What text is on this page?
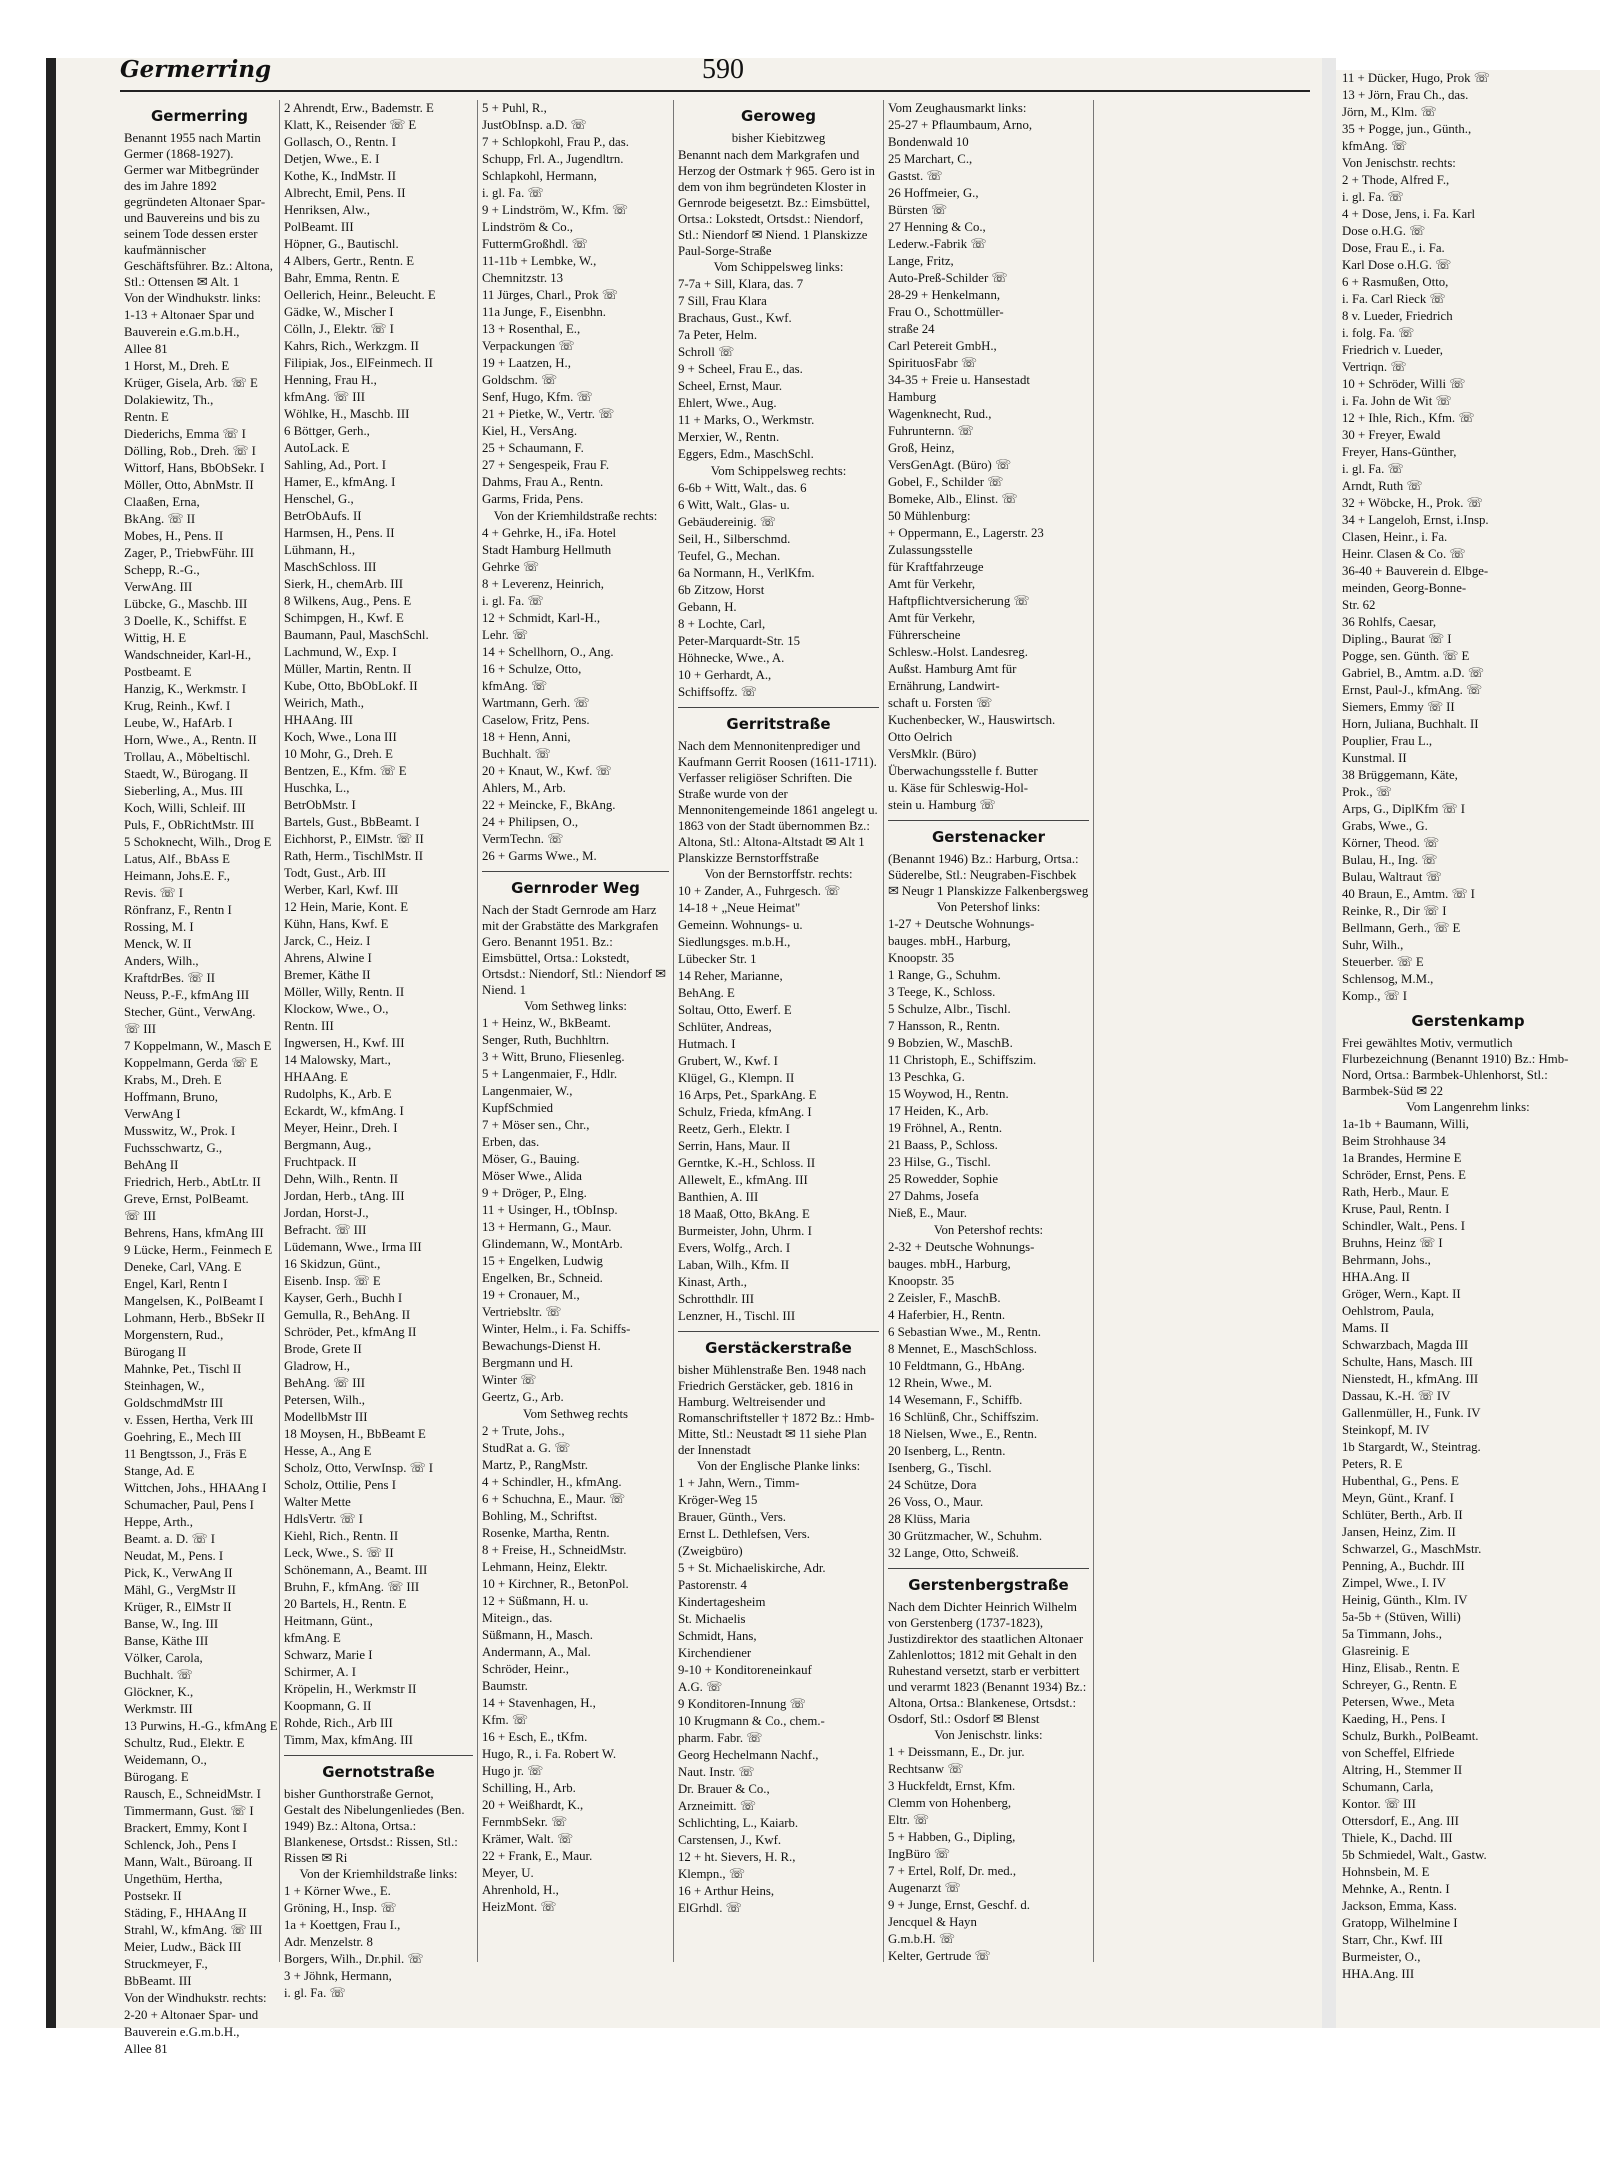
11 + Dücker, Hugo, Prok ☏
13 + Jörn, Frau Ch., das.
Jörn, M., Klm. ☏
35 + Pogge, jun., Günth.,
kfmAng. ☏
Von Jenischstr. rechts:
2 + Thode, Alfred F.,
i. gl. Fa. ☏
4 + Dose, Jens, i. Fa. Karl
Dose o.H.G. ☏
Dose, Frau E., i. Fa.
Karl Dose o.H.G. ☏
6 + Rasmußen, Otto,
i. Fa. Carl Rieck ☏
8 v. Lueder, Friedrich
i. folg. Fa. ☏
Friedrich v. Lueder,
Vertriqn. ☏
10 + Schröder, Willi ☏
i. Fa. John de Wit ☏
12 + Ihle, Rich., Kfm. ☏
30 + Freyer, Ewald
Freyer, Hans-Günther,
i. gl. Fa. ☏
Arndt, Ruth ☏
32 + Wöbcke, H., Prok. ☏
34 + Langeloh, Ernst, i.Insp.
Clasen, Heinr., i. Fa.
Heinr. Clasen & Co. ☏
36-40 + Bauverein d. Elbge-
meinden, Georg-Bonne-
Str. 62
36 Rohlfs, Caesar,
Dipling., Baurat ☏ I
Pogge, sen. Günth. ☏ E
Gabriel, B., Amtm. a.D. ☏
Ernst, Paul-J., kfmAng. ☏
Siemers, Emmy ☏ II
Horn, Juliana, Buchhalt. II
Pouplier, Frau L.,
Kunstmal. II
38 Brüggemann, Käte,
Prok., ☏
Arps, G., DiplKfm ☏ I
Grabs, Wwe., G.
Körner, Theod. ☏
Bulau, H., Ing. ☏
Bulau, Waltraut ☏
40 Braun, E., Amtm. ☏ I
Reinke, R., Dir ☏ I
Bellmann, Gerh., ☏ E
Suhr, Wilh.,
Steuerber. ☏ E
Schlensog, M.M.,
Komp., ☏ I
Gerstenkamp
Frei gewähltes Motiv, vermutlich Flurbezeichnung (Benannt 1910) Bz.: Hmb-Nord, Ortsa.: Barmbek-Uhlenhorst, Stl.: Barmbek-Süd ✉ 22
Vom Langenrehm links:
1a-1b + Baumann, Willi,
Beim Strohhause 34
1a Brandes, Hermine E
Schröder, Ernst, Pens. E
Rath, Herb., Maur. E
Kruse, Paul, Rentn. I
Schindler, Walt., Pens. I
Bruhns, Heinz ☏ I
Behrmann, Johs.,
HHA.Ang. II
Gröger, Wern., Kapt. II
Oehlstrom, Paula,
Mams. II
Schwarzbach, Magda III
Schulte, Hans, Masch. III
Nienstedt, H., kfmAng. III
Dassau, K.-H. ☏ IV
Gallenmüller, H., Funk. IV
Steinkopf, M. IV
1b Stargardt, W., Steintrag.
Peters, R. E
Hubenthal, G., Pens. E
Meyn, Günt., Kranf. I
Schlüter, Berth., Arb. II
Jansen, Heinz, Zim. II
Schwarzel, G., MaschMstr.
Penning, A., Buchdr. III
Zimpel, Wwe., I. IV
Heinig, Günth., Klm. IV
5a-5b + (Stüven, Willi)
5a Timmann, Johs.,
Glasreinig. E
Hinz, Elisab., Rentn. E
Schreyer, G., Rentn. E
Petersen, Wwe., Meta
Kaeding, H., Pens. I
Schulz, Burkh., PolBeamt.
von Scheffel, Elfriede
Altring, H., Stemmer II
Schumann, Carla,
Kontor. ☏ III
Ottersdorf, E., Ang. III
Thiele, K., Dachd. III
5b Schmiedel, Walt., Gastw.
Hohnsbein, M. E
Mehnke, A., Rentn. I
Jackson, Emma, Kass.
Gratopp, Wilhelmine I
Starr, Chr., Kwf. III
Burmeister, O.,
HHA.Ang. III
Germerring	590
Germerring
Benannt 1955 nach Martin Germer (1868-1927). Germer war Mitbegründer des im Jahre 1892 gegründeten Altonaer Spar- und Bauvereins und bis zu seinem Tode dessen erster kaufmännischer Geschäftsführer. Bz.: Altona, Stl.: Ottensen ✉ Alt. 1
Von der Windhukstr. links:
1-13 + Altonaer Spar und
Bauverein e.G.m.b.H.,
Allee 81
1 Horst, M., Dreh. E
Krüger, Gisela, Arb. ☏ E
Dolakiewitz, Th.,
Rentn. E
Diederichs, Emma ☏ I
Dölling, Rob., Dreh. ☏ I
Wittorf, Hans, BbObSekr. I
Möller, Otto, AbnMstr. II
Claaßen, Erna,
BkAng. ☏ II
Mobes, H., Pens. II
Zager, P., TriebwFühr. III
Schepp, R.-G.,
VerwAng. III
Lübcke, G., Maschb. III
3 Doelle, K., Schiffst. E
Wittig, H. E
Wandschneider, Karl-H.,
Postbeamt. E
Hanzig, K., Werkmstr. I
Krug, Reinh., Kwf. I
Leube, W., HafArb. I
Horn, Wwe., A., Rentn. II
Trollau, A., Möbeltischl.
Staedt, W., Bürogang. II
Sieberling, A., Mus. III
Koch, Willi, Schleif. III
Puls, F., ObRichtMstr. III
5 Schoknecht, Wilh., Drog E
Latus, Alf., BbAss E
Heimann, Johs.E. F.,
Revis. ☏ I
Rönfranz, F., Rentn I
Rossing, M. I
Menck, W. II
Anders, Wilh.,
KraftdrBes. ☏ II
Neuss, P.-F., kfmAng III
Stecher, Günt., VerwAng.
☏ III
7 Koppelmann, W., Masch E
Koppelmann, Gerda ☏ E
Krabs, M., Dreh. E
Hoffmann, Bruno,
VerwAng I
Musswitz, W., Prok. I
Fuchsschwartz, G.,
BehAng II
Friedrich, Herb., AbtLtr. II
Greve, Ernst, PolBeamt.
☏ III
Behrens, Hans, kfmAng III
9 Lücke, Herm., Feinmech E
Deneke, Carl, VAng. E
Engel, Karl, Rentn I
Mangelsen, K., PolBeamt I
Lohmann, Herb., BbSekr II
Morgenstern, Rud.,
Bürogang II
Mahnke, Pet., Tischl II
Steinhagen, W.,
GoldschmdMstr III
v. Essen, Hertha, Verk III
Goehring, E., Mech III
11 Bengtsson, J., Fräs E
Stange, Ad. E
Wittchen, Johs., HHAAng I
Schumacher, Paul, Pens I
Heppe, Arth.,
Beamt. a. D. ☏ I
Neudat, M., Pens. I
Pick, K., VerwAng II
Mähl, G., VergMstr II
Krüger, R., ElMstr II
Banse, W., Ing. III
Banse, Käthe III
Völker, Carola,
Buchhalt. ☏
Glöckner, K.,
Werkmstr. III
13 Purwins, H.-G., kfmAng E
Schultz, Rud., Elektr. E
Weidemann, O.,
Bürogang. E
Rausch, E., SchneidMstr. I
Timmermann, Gust. ☏ I
Brackert, Emmy, Kont I
Schlenck, Joh., Pens I
Mann, Walt., Büroang. II
Ungethüm, Hertha,
Postsekr. II
Städing, F., HHAAng II
Strahl, W., kfmAng. ☏ III
Meier, Ludw., Bäck III
Struckmeyer, F.,
BbBeamt. III
Von der Windhukstr. rechts:
2-20 + Altonaer Spar- und
Bauverein e.G.m.b.H.,
Allee 81
2 Ahrendt, Erw., Bademstr. E
Klatt, K., Reisender ☏ E
Gollasch, O., Rentn. I
Detjen, Wwe., E. I
Kothe, K., IndMstr. II
Albrecht, Emil, Pens. II
Henriksen, Alw.,
PolBeamt. III
Höpner, G., Bautischl.
4 Albers, Gertr., Rentn. E
Bahr, Emma, Rentn. E
Oellerich, Heinr., Beleucht. E
Gädke, W., Mischer I
Cölln, J., Elektr. ☏ I
Kahrs, Rich., Werkzgm. II
Filipiak, Jos., ElFeinmech. II
Henning, Frau H.,
kfmAng. ☏ III
Wöhlke, H., Maschb. III
6 Böttger, Gerh.,
AutoLack. E
Sahling, Ad., Port. I
Hamer, E., kfmAng. I
Henschel, G.,
BetrObAufs. II
Harmsen, H., Pens. II
Lühmann, H.,
MaschSchloss. III
Sierk, H., chemArb. III
8 Wilkens, Aug., Pens. E
Schimpgen, H., Kwf. E
Baumann, Paul, MaschSchl.
Lachmund, W., Exp. I
Müller, Martin, Rentn. II
Kube, Otto, BbObLokf. II
Weirich, Math.,
HHAAng. III
Koch, Wwe., Lona III
10 Mohr, G., Dreh. E
Bentzen, E., Kfm. ☏ E
Huschka, L.,
BetrObMstr. I
Bartels, Gust., BbBeamt. I
Eichhorst, P., ElMstr. ☏ II
Rath, Herm., TischlMstr. II
Todt, Gust., Arb. III
Werber, Karl, Kwf. III
12 Hein, Marie, Kont. E
Kühn, Hans, Kwf. E
Jarck, C., Heiz. I
Ahrens, Alwine I
Bremer, Käthe II
Möller, Willy, Rentn. II
Klockow, Wwe., O.,
Rentn. III
Ingwersen, H., Kwf. III
14 Malowsky, Mart.,
HHAAng. E
Rudolphs, K., Arb. E
Eckardt, W., kfmAng. I
Meyer, Heinr., Dreh. I
Bergmann, Aug.,
Fruchtpack. II
Dehn, Wilh., Rentn. II
Jordan, Herb., tAng. III
Jordan, Horst-J.,
Befracht. ☏ III
Lüdemann, Wwe., Irma III
16 Skidzun, Günt.,
Eisenb. Insp. ☏ E
Kayser, Gerh., Buchh I
Gemulla, R., BehAng. II
Schröder, Pet., kfmAng II
Brode, Grete II
Gladrow, H.,
BehAng. ☏ III
Petersen, Wilh.,
ModellbMstr III
18 Moysen, H., BbBeamt E
Hesse, A., Ang E
Scholz, Otto, VerwInsp. ☏ I
Scholz, Ottilie, Pens I
Walter Mette
HdlsVertr. ☏ I
Kiehl, Rich., Rentn. II
Leck, Wwe., S. ☏ II
Schönemann, A., Beamt. III
Bruhn, F., kfmAng. ☏ III
20 Bartels, H., Rentn. E
Heitmann, Günt.,
kfmAng. E
Schwarz, Marie I
Schirmer, A. I
Kröpelin, H., Werkmstr II
Koopmann, G. II
Rohde, Rich., Arb III
Timm, Max, kfmAng. III
Gernotstraße
bisher Gunthorstraße Gernot, Gestalt des Nibelungenliedes (Ben. 1949) Bz.: Altona, Ortsa.: Blankenese, Ortsdst.: Rissen, Stl.: Rissen ✉ Ri
Von der Kriemhildstraße links:
1 + Körner Wwe., E.
Gröning, H., Insp. ☏
1a + Koettgen, Frau I.,
Adr. Menzelstr. 8
Borgers, Wilh., Dr.phil. ☏
3 + Jöhnk, Hermann,
i. gl. Fa. ☏
5 + Puhl, R.,
JustObInsp. a.D. ☏
7 + Schlopkohl, Frau P., das.
Schupp, Frl. A., Jugendltrn.
Schlapkohl, Hermann,
i. gl. Fa. ☏
9 + Lindström, W., Kfm. ☏
Lindström & Co.,
FuttermGroßhdl. ☏
11-11b + Lembke, W.,
Chemnitzstr. 13
11 Jürges, Charl., Prok ☏
11a Junge, F., Eisenbhn.
13 + Rosenthal, E.,
Verpackungen ☏
19 + Laatzen, H.,
Goldschm. ☏
Senf, Hugo, Kfm. ☏
21 + Pietke, W., Vertr. ☏
Kiel, H., VersAng.
25 + Schaumann, F.
27 + Sengespeik, Frau F.
Dahms, Frau A., Rentn.
Garms, Frida, Pens.
Von der Kriemhildstraße rechts:
4 + Gehrke, H., iFa. Hotel
Stadt Hamburg Hellmuth
Gehrke ☏
8 + Leverenz, Heinrich,
i. gl. Fa. ☏
12 + Schmidt, Karl-H.,
Lehr. ☏
14 + Schellhorn, O., Ang.
16 + Schulze, Otto,
kfmAng. ☏
Wartmann, Gerh. ☏
Caselow, Fritz, Pens.
18 + Henn, Anni,
Buchhalt. ☏
20 + Knaut, W., Kwf. ☏
Ahlers, M., Arb.
22 + Meincke, F., BkAng.
24 + Philipsen, O.,
VermTechn. ☏
26 + Garms Wwe., M.
Gernroder Weg
Nach der Stadt Gernrode am Harz mit der Grabstätte des Markgrafen Gero. Benannt 1951. Bz.: Eimsbüttel, Ortsa.: Lokstedt, Ortsdst.: Niendorf, Stl.: Niendorf ✉ Niend. 1
Vom Sethweg links:
1 + Heinz, W., BkBeamt.
Senger, Ruth, Buchhltrn.
3 + Witt, Bruno, Fliesenleg.
5 + Langenmaier, F., Hdlr.
Langenmaier, W.,
KupfSchmied
7 + Möser sen., Chr.,
Erben, das.
Möser, G., Bauing.
Möser Wwe., Alida
9 + Dröger, P., Elng.
11 + Usinger, H., tObInsp.
13 + Hermann, G., Maur.
Glindemann, W., MontArb.
15 + Engelken, Ludwig
Engelken, Br., Schneid.
19 + Cronauer, M.,
Vertriebsltr. ☏
Winter, Helm., i. Fa. Schiffs-
Bewachungs-Dienst H.
Bergmann und H.
Winter ☏
Geertz, G., Arb.
Vom Sethweg rechts
2 + Trute, Johs.,
StudRat a. G. ☏
Martz, P., RangMstr.
4 + Schindler, H., kfmAng.
6 + Schuchna, E., Maur. ☏
Bohling, M., Schriftst.
Rosenke, Martha, Rentn.
8 + Freise, H., SchneidMstr.
Lehmann, Heinz, Elektr.
10 + Kirchner, R., BetonPol.
12 + Süßmann, H. u.
Miteign., das.
Süßmann, H., Masch.
Andermann, A., Mal.
Schröder, Heinr.,
Baumstr.
14 + Stavenhagen, H.,
Kfm. ☏
16 + Esch, E., tKfm.
Hugo, R., i. Fa. Robert W.
Hugo jr. ☏
Schilling, H., Arb.
20 + Weißhardt, K.,
FernmbSekr. ☏
Krämer, Walt. ☏
22 + Frank, E., Maur.
Meyer, U.
Ahrenhold, H.,
HeizMont. ☏
Geroweg
bisher Kiebitzweg
Benannt nach dem Markgrafen und Herzog der Ostmark † 965. Gero ist in dem von ihm begründeten Kloster in Gernrode beigesetzt. Bz.: Eimsbüttel, Ortsa.: Lokstedt, Ortsdst.: Niendorf, Stl.: Niendorf ✉ Niend. 1 Planskizze Paul-Sorge-Straße
Vom Schippelsweg links:
7-7a + Sill, Klara, das. 7
7 Sill, Frau Klara
Brachaus, Gust., Kwf.
7a Peter, Helm.
Schroll ☏
9 + Scheel, Frau E., das.
Scheel, Ernst, Maur.
Ehlert, Wwe., Aug.
11 + Marks, O., Werkmstr.
Merxier, W., Rentn.
Eggers, Edm., MaschSchl.
Vom Schippelsweg rechts:
6-6b + Witt, Walt., das. 6
6 Witt, Walt., Glas- u.
Gebäudereinig. ☏
Seil, H., Silberschmd.
Teufel, G., Mechan.
6a Normann, H., VerlKfm.
6b Zitzow, Horst
Gebann, H.
8 + Lochte, Carl,
Peter-Marquardt-Str. 15
Höhnecke, Wwe., A.
10 + Gerhardt, A.,
Schiffsoffz. ☏
Gerritstraße
Nach dem Mennonitenprediger und Kaufmann Gerrit Roosen (1611-1711). Verfasser religiöser Schriften. Die Straße wurde von der Mennonitengemeinde 1861 angelegt u. 1863 von der Stadt übernommen Bz.: Altona, Stl.: Altona-Altstadt ✉ Alt 1 Planskizze Bernstorffstraße
Von der Bernstorffstr. rechts:
10 + Zander, A., Fuhrgesch. ☏
14-18 + „Neue Heimat"
Gemeinn. Wohnungs- u.
Siedlungsges. m.b.H.,
Lübecker Str. 1
14 Reher, Marianne,
BehAng. E
Soltau, Otto, Ewerf. E
Schlüter, Andreas,
Hutmach. I
Grubert, W., Kwf. I
Klügel, G., Klempn. II
16 Arps, Pet., SparkAng. E
Schulz, Frieda, kfmAng. I
Reetz, Gerh., Elektr. I
Serrin, Hans, Maur. II
Gerntke, K.-H., Schloss. II
Allewelt, E., kfmAng. III
Banthien, A. III
18 Maaß, Otto, BkAng. E
Burmeister, John, Uhrm. I
Evers, Wolfg., Arch. I
Laban, Wilh., Kfm. II
Kinast, Arth.,
Schrotthdlr. III
Lenzner, H., Tischl. III
Gerstäckerstraße
bisher Mühlenstraße Ben. 1948 nach Friedrich Gerstäcker, geb. 1816 in Hamburg. Weltreisender und Romanschriftsteller † 1872 Bz.: Hmb-Mitte, Stl.: Neustadt ✉ 11 siehe Plan der Innenstadt
Von der Englische Planke links:
1 + Jahn, Wern., Timm-
Kröger-Weg 15
Brauer, Günth., Vers.
Ernst L. Dethlefsen, Vers.
(Zweigbüro)
5 + St. Michaeliskirche, Adr.
Pastorenstr. 4
Kindertagesheim
St. Michaelis
Schmidt, Hans,
Kirchendiener
9-10 + Konditoreneinkauf
A.G. ☏
9 Konditoren-Innung ☏
10 Krugmann & Co., chem.-
pharm. Fabr. ☏
Georg Hechelmann Nachf.,
Naut. Instr. ☏
Dr. Brauer & Co.,
Arzneimitt. ☏
Schlichting, L., Kaiarb.
Carstensen, J., Kwf.
12 + ht. Sievers, H. R.,
Klempn., ☏
16 + Arthur Heins,
ElGrhdl. ☏
Vom Zeughausmarkt links:
25-27 + Pflaumbaum, Arno,
Bondenwald 10
25 Marchart, C.,
Gastst. ☏
26 Hoffmeier, G.,
Bürsten ☏
27 Henning & Co.,
Lederw.-Fabrik ☏
Lange, Fritz,
Auto-Preß-Schilder ☏
28-29 + Henkelmann,
Frau O., Schottmüller-
straße 24
Carl Petereit GmbH.,
SpirituosFabr ☏
34-35 + Freie u. Hansestadt
Hamburg
Wagenknecht, Rud.,
Fuhrunternn. ☏
Groß, Heinz,
VersGenAgt. (Büro) ☏
Gobel, F., Schilder ☏
Bomeke, Alb., Elinst. ☏
50 Mühlenburg:
+ Oppermann, E., Lagerstr. 23
Zulassungsstelle
für Kraftfahrzeuge
Amt für Verkehr,
Haftpflichtversicherung ☏
Amt für Verkehr,
Führerscheine
Schlesw.-Holst. Landesreg.
Außst. Hamburg Amt für
Ernährung, Landwirt-
schaft u. Forsten ☏
Kuchenbecker, W., Hauswirtsch.
Otto Oelrich
VersMklr. (Büro)
Überwachungsstelle f. Butter
u. Käse für Schleswig-Hol-
stein u. Hamburg ☏
Gerstenacker
(Benannt 1946) Bz.: Harburg, Ortsa.: Süderelbe, Stl.: Neugraben-Fischbek ✉ Neugr 1 Planskizze Falkenbergsweg
Von Petershof links:
1-27 + Deutsche Wohnungs-
bauges. mbH., Harburg,
Knoopstr. 35
1 Range, G., Schuhm.
3 Teege, K., Schloss.
5 Schulze, Albr., Tischl.
7 Hansson, R., Rentn.
9 Bobzien, W., MaschB.
11 Christoph, E., Schiffszim.
13 Peschka, G.
15 Woywod, H., Rentn.
17 Heiden, K., Arb.
19 Fröhnel, A., Rentn.
21 Baass, P., Schloss.
23 Hilse, G., Tischl.
25 Rowedder, Sophie
27 Dahms, Josefa
Nieß, E., Maur.
Von Petershof rechts:
2-32 + Deutsche Wohnungs-
bauges. mbH., Harburg,
Knoopstr. 35
2 Zeisler, F., MaschB.
4 Haferbier, H., Rentn.
6 Sebastian Wwe., M., Rentn.
8 Mennet, E., MaschSchloss.
10 Feldtmann, G., HbAng.
12 Rhein, Wwe., M.
14 Wesemann, F., Schiffb.
16 Schlünß, Chr., Schiffszim.
18 Nielsen, Wwe., E., Rentn.
20 Isenberg, L., Rentn.
Isenberg, G., Tischl.
24 Schütze, Dora
26 Voss, O., Maur.
28 Klüss, Maria
30 Grützmacher, W., Schuhm.
32 Lange, Otto, Schweiß.
Gerstenbergstraße
Nach dem Dichter Heinrich Wilhelm von Gerstenberg (1737-1823), Justizdirektor des staatlichen Altonaer Zahlenlottos; 1812 mit Gehalt in den Ruhestand versetzt, starb er verbittert und verarmt 1823 (Benannt 1934) Bz.: Altona, Ortsa.: Blankenese, Ortsdst.: Osdorf, Stl.: Osdorf ✉ Blenst
Von Jenischstr. links:
1 + Deissmann, E., Dr. jur.
Rechtsanw ☏
3 Huckfeldt, Ernst, Kfm.
Clemm von Hohenberg,
Eltr. ☏
5 + Habben, G., Dipling,
IngBüro ☏
7 + Ertel, Rolf, Dr. med.,
Augenarzt ☏
9 + Junge, Ernst, Geschf. d.
Jencquel & Hayn
G.m.b.H. ☏
Kelter, Gertrude ☏
